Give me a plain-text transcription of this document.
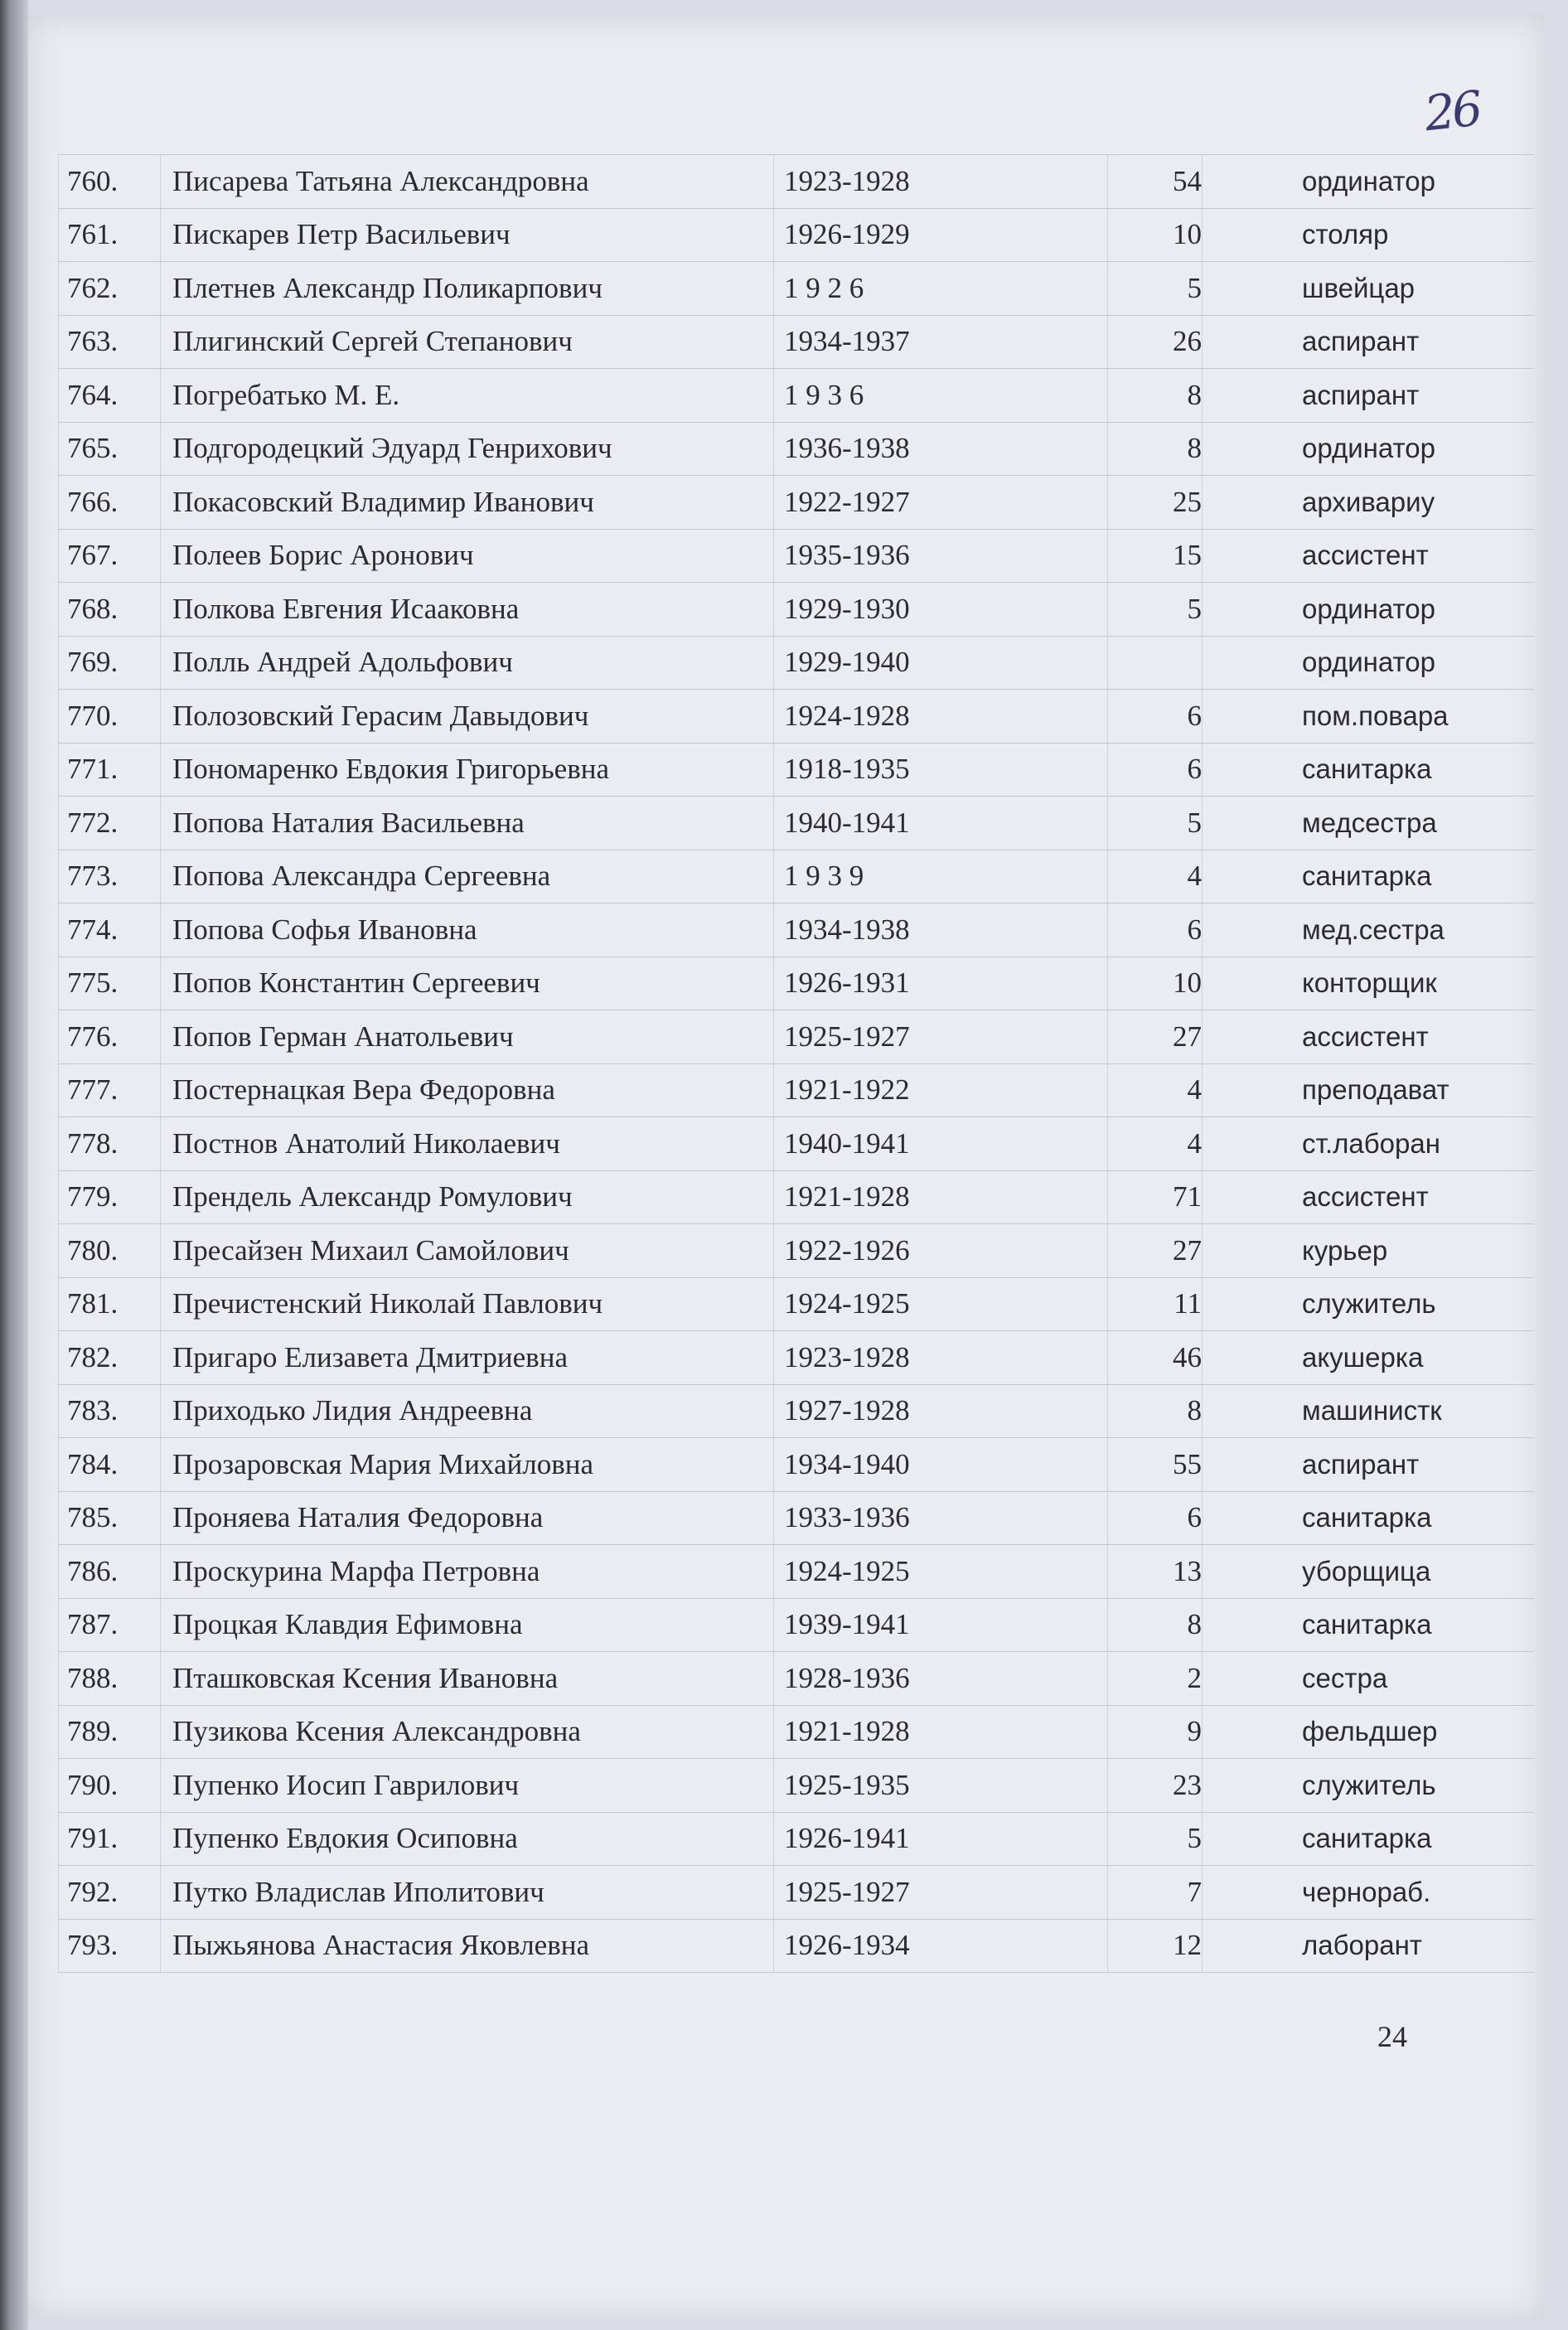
26
760.	Писарева Татьяна Александровна	1923-1928	54	ординатор
761.	Пискарев Петр Васильевич	1926-1929	10	столяр
762.	Плетнев Александр Поликарпович	1 9 2 6	5	швейцар
763.	Плигинский Сергей Степанович	1934-1937	26	аспирант
764.	Погребатько М. Е.	1 9 3 6	8	аспирант
765.	Подгородецкий Эдуард Генрихович	1936-1938	8	ординатор
766.	Покасовский Владимир Иванович	1922-1927	25	архивариу
767.	Полеев Борис Аронович	1935-1936	15	ассистент
768.	Полкова Евгения Исааковна	1929-1930	5	ординатор
769.	Полль Андрей Адольфович	1929-1940		ординатор
770.	Полозовский Герасим Давыдович	1924-1928	6	пом.повара
771.	Пономаренко Евдокия Григорьевна	1918-1935	6	санитарка
772.	Попова Наталия Васильевна	1940-1941	5	медсестра
773.	Попова Александра Сергеевна	1 9 3 9	4	санитарка
774.	Попова Софья Ивановна	1934-1938	6	мед.сестра
775.	Попов Константин Сергеевич	1926-1931	10	конторщик
776.	Попов Герман Анатольевич	1925-1927	27	ассистент
777.	Постернацкая Вера Федоровна	1921-1922	4	преподават
778.	Постнов Анатолий Николаевич	1940-1941	4	ст.лаборан
779.	Прендель Александр Ромулович	1921-1928	71	ассистент
780.	Пресайзен Михаил Самойлович	1922-1926	27	курьер
781.	Пречистенский Николай Павлович	1924-1925	11	служитель
782.	Пригаро Елизавета Дмитриевна	1923-1928	46	акушерка
783.	Приходько Лидия Андреевна	1927-1928	8	машинистк
784.	Прозаровская Мария Михайловна	1934-1940	55	аспирант
785.	Проняева Наталия Федоровна	1933-1936	6	санитарка
786.	Проскурина Марфа Петровна	1924-1925	13	уборщица
787.	Процкая Клавдия Ефимовна	1939-1941	8	санитарка
788.	Пташковская Ксения Ивановна	1928-1936	2	сестра
789.	Пузикова Ксения Александровна	1921-1928	9	фельдшер
790.	Пупенко Иосип Гаврилович	1925-1935	23	служитель
791.	Пупенко Евдокия Осиповна	1926-1941	5	санитарка
792.	Путко Владислав Иполитович	1925-1927	7	чернораб.
793.	Пыжьянова Анастасия Яковлевна	1926-1934	12	лаборант
24
